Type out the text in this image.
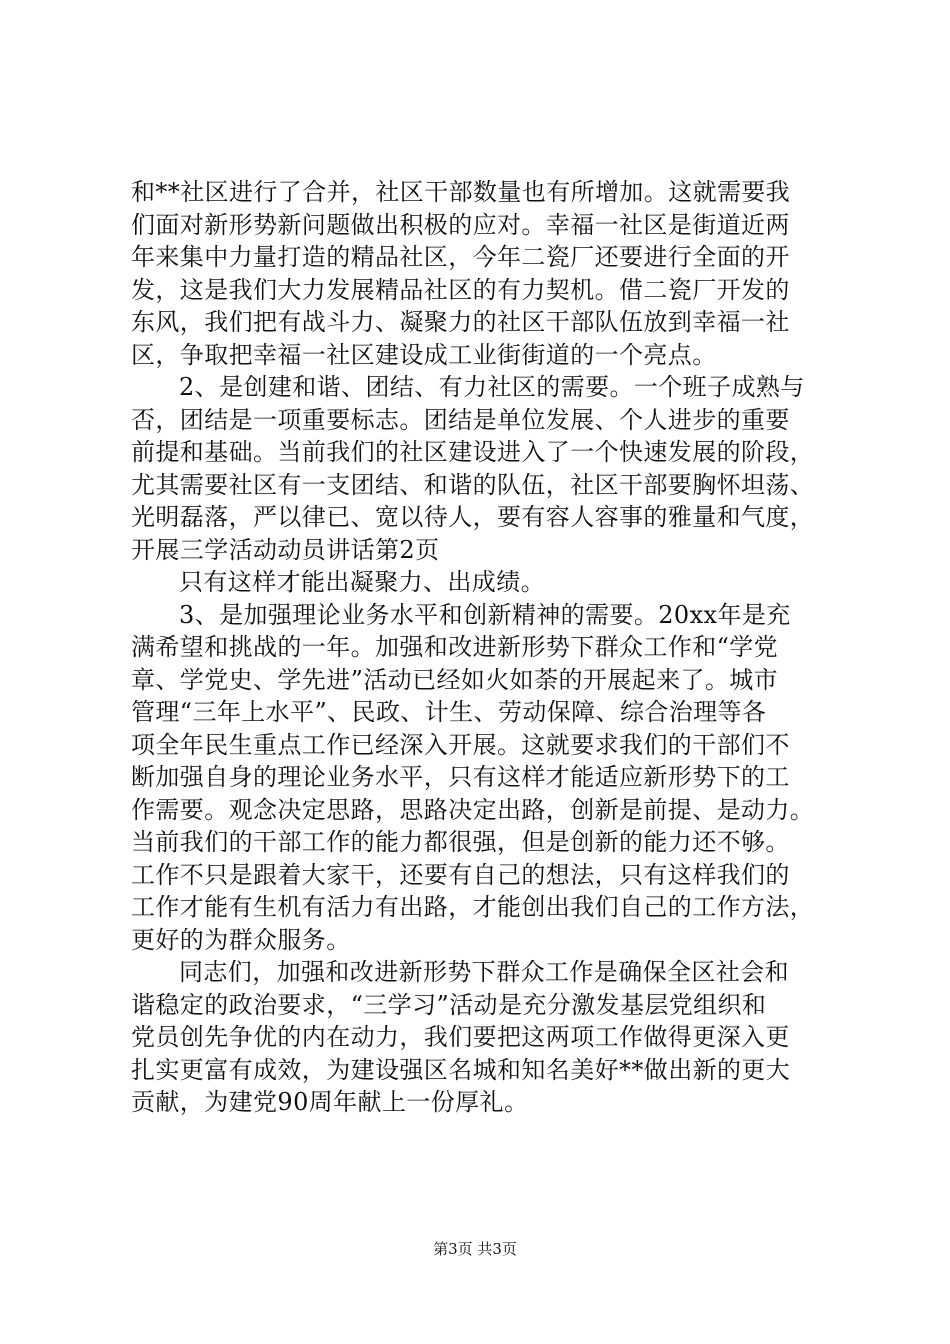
和**社区进行了合并，社区干部数量也有所增加。这就需要我
们面对新形势新问题做出积极的应对。幸福一社区是街道近两
年来集中力量打造的精品社区，今年二瓷厂还要进行全面的开
发，这是我们大力发展精品社区的有力契机。借二瓷厂开发的
东风，我们把有战斗力、凝聚力的社区干部队伍放到幸福一社
区，争取把幸福一社区建设成工业街街道的一个亮点。
2、是创建和谐、团结、有力社区的需要。一个班子成熟与
否，团结是一项重要标志。团结是单位发展、个人进步的重要
前提和基础。当前我们的社区建设进入了一个快速发展的阶段，
尤其需要社区有一支团结、和谐的队伍，社区干部要胸怀坦荡、
光明磊落，严以律已、宽以待人，要有容人容事的雅量和气度，
开展三学活动动员讲话第2页
只有这样才能出凝聚力、出成绩。
3、是加强理论业务水平和创新精神的需要。20xx年是充
满希望和挑战的一年。加强和改进新形势下群众工作和“学党
章、学党史、学先进”活动已经如火如荼的开展起来了。城市
管理“三年上水平”、民政、计生、劳动保障、综合治理等各
项全年民生重点工作已经深入开展。这就要求我们的干部们不
断加强自身的理论业务水平，只有这样才能适应新形势下的工
作需要。观念决定思路，思路决定出路，创新是前提、是动力。
当前我们的干部工作的能力都很强，但是创新的能力还不够。
工作不只是跟着大家干，还要有自己的想法，只有这样我们的
工作才能有生机有活力有出路，才能创出我们自己的工作方法，
更好的为群众服务。
同志们，加强和改进新形势下群众工作是确保全区社会和
谐稳定的政治要求，“三学习”活动是充分激发基层党组织和
党员创先争优的内在动力，我们要把这两项工作做得更深入更
扎实更富有成效，为建设强区名城和知名美好**做出新的更大
贡献，为建党90周年献上一份厚礼。
第3页 共3页
